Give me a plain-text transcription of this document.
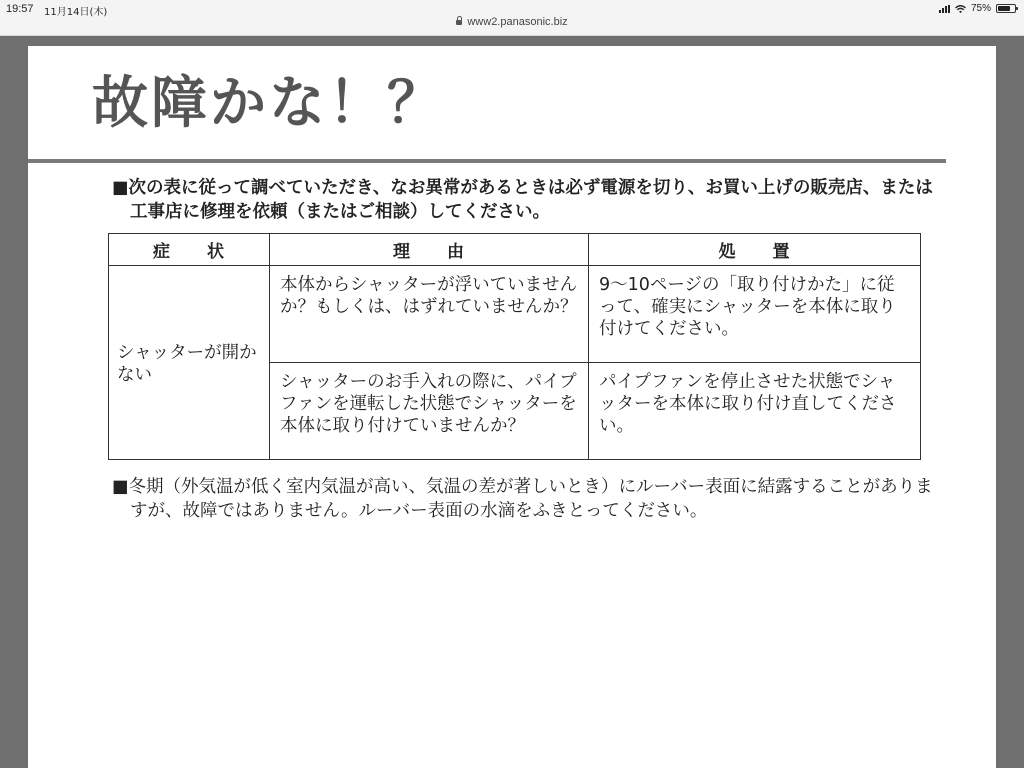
19:57 11月14日(木)
www2.panasonic.biz
75%
故障かな！？

■次の表に従って調べていただき、なお異常があるときは必ず電源を切り、お買い上げの販売店、または工事店に修理を依頼（またはご相談）してください。

症　　状	理　　由	処　　置
シャッターが開かない	本体からシャッターが浮いていませんか？もしくは、はずれていませんか？	9〜10ページの「取り付けかた」に従って、確実にシャッターを本体に取り付けてください。
	シャッターのお手入れの際に、パイプファンを運転した状態でシャッターを本体に取り付けていませんか？	パイプファンを停止させた状態でシャッターを本体に取り付け直してください。

■冬期（外気温が低く室内気温が高い、気温の差が著しいとき）にルーバー表面に結露することがありますが、故障ではありません。ルーバー表面の水滴をふきとってください。
